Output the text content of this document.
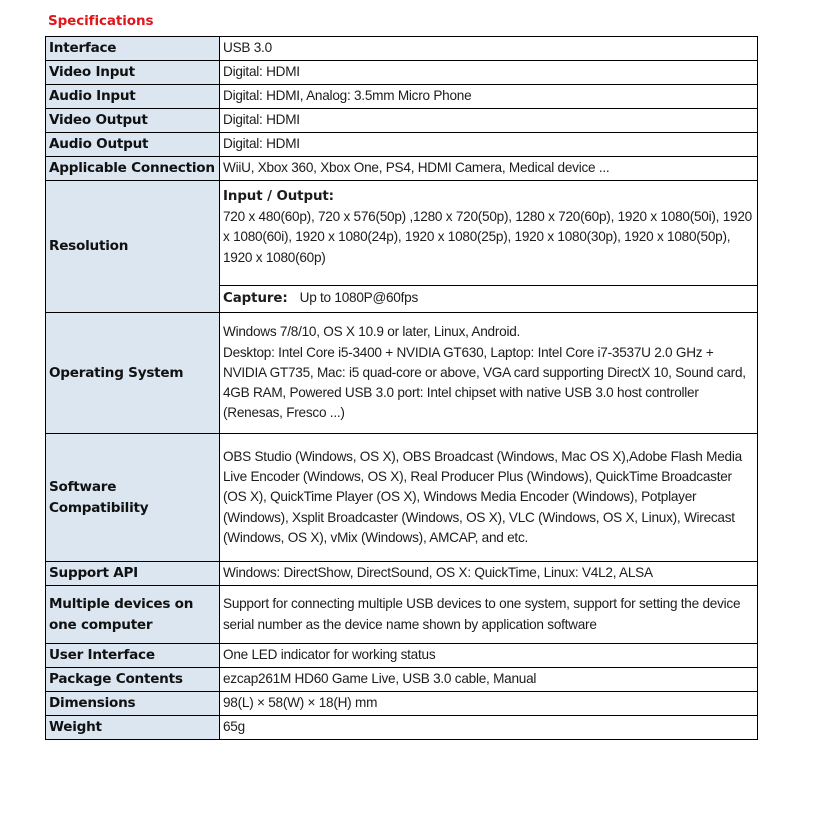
Specifications
Interface	USB 3.0
Video Input	Digital: HDMI
Audio Input	Digital: HDMI, Analog: 3.5mm Micro Phone
Video Output	Digital: HDMI
Audio Output	Digital: HDMI
Applicable Connection	WiiU, Xbox 360, Xbox One, PS4, HDMI Camera, Medical device ...
Resolution	Input / Output:
720 x 480(60p), 720 x 576(50p) ,1280 x 720(50p), 1280 x 720(60p), 1920 x 1080(50i), 1920 x 1080(60i), 1920 x 1080(24p), 1920 x 1080(25p), 1920 x 1080(30p), 1920 x 1080(50p), 1920 x 1080(60p)

	Capture: Up to 1080P@60fps
Operating System	Windows 7/8/10, OS X 10.9 or later, Linux, Android.
Desktop: Intel Core i5-3400 + NVIDIA GT630, Laptop: Intel Core i7-3537U 2.0 GHz + NVIDIA GT735, Mac: i5 quad-core or above, VGA card supporting DirectX 10, Sound card, 4GB RAM, Powered USB 3.0 port: Intel chipset with native USB 3.0 host controller (Renesas, Fresco ...)

Software Compatibility	OBS Studio (Windows, OS X), OBS Broadcast (Windows, Mac OS X),Adobe Flash Media Live Encoder (Windows, OS X), Real Producer Plus (Windows), QuickTime Broadcaster (OS X), QuickTime Player (OS X), Windows Media Encoder (Windows), Potplayer (Windows), Xsplit Broadcaster (Windows, OS X), VLC (Windows, OS X, Linux), Wirecast (Windows, OS X), vMix (Windows), AMCAP, and etc.
Support API	Windows: DirectShow, DirectSound, OS X: QuickTime, Linux: V4L2, ALSA
Multiple devices on one computer	Support for connecting multiple USB devices to one system, support for setting the device serial number as the device name shown by application software
User Interface	One LED indicator for working status
Package Contents	ezcap261M HD60 Game Live, USB 3.0 cable, Manual
Dimensions	98(L) × 58(W) × 18(H) mm
Weight	65g
